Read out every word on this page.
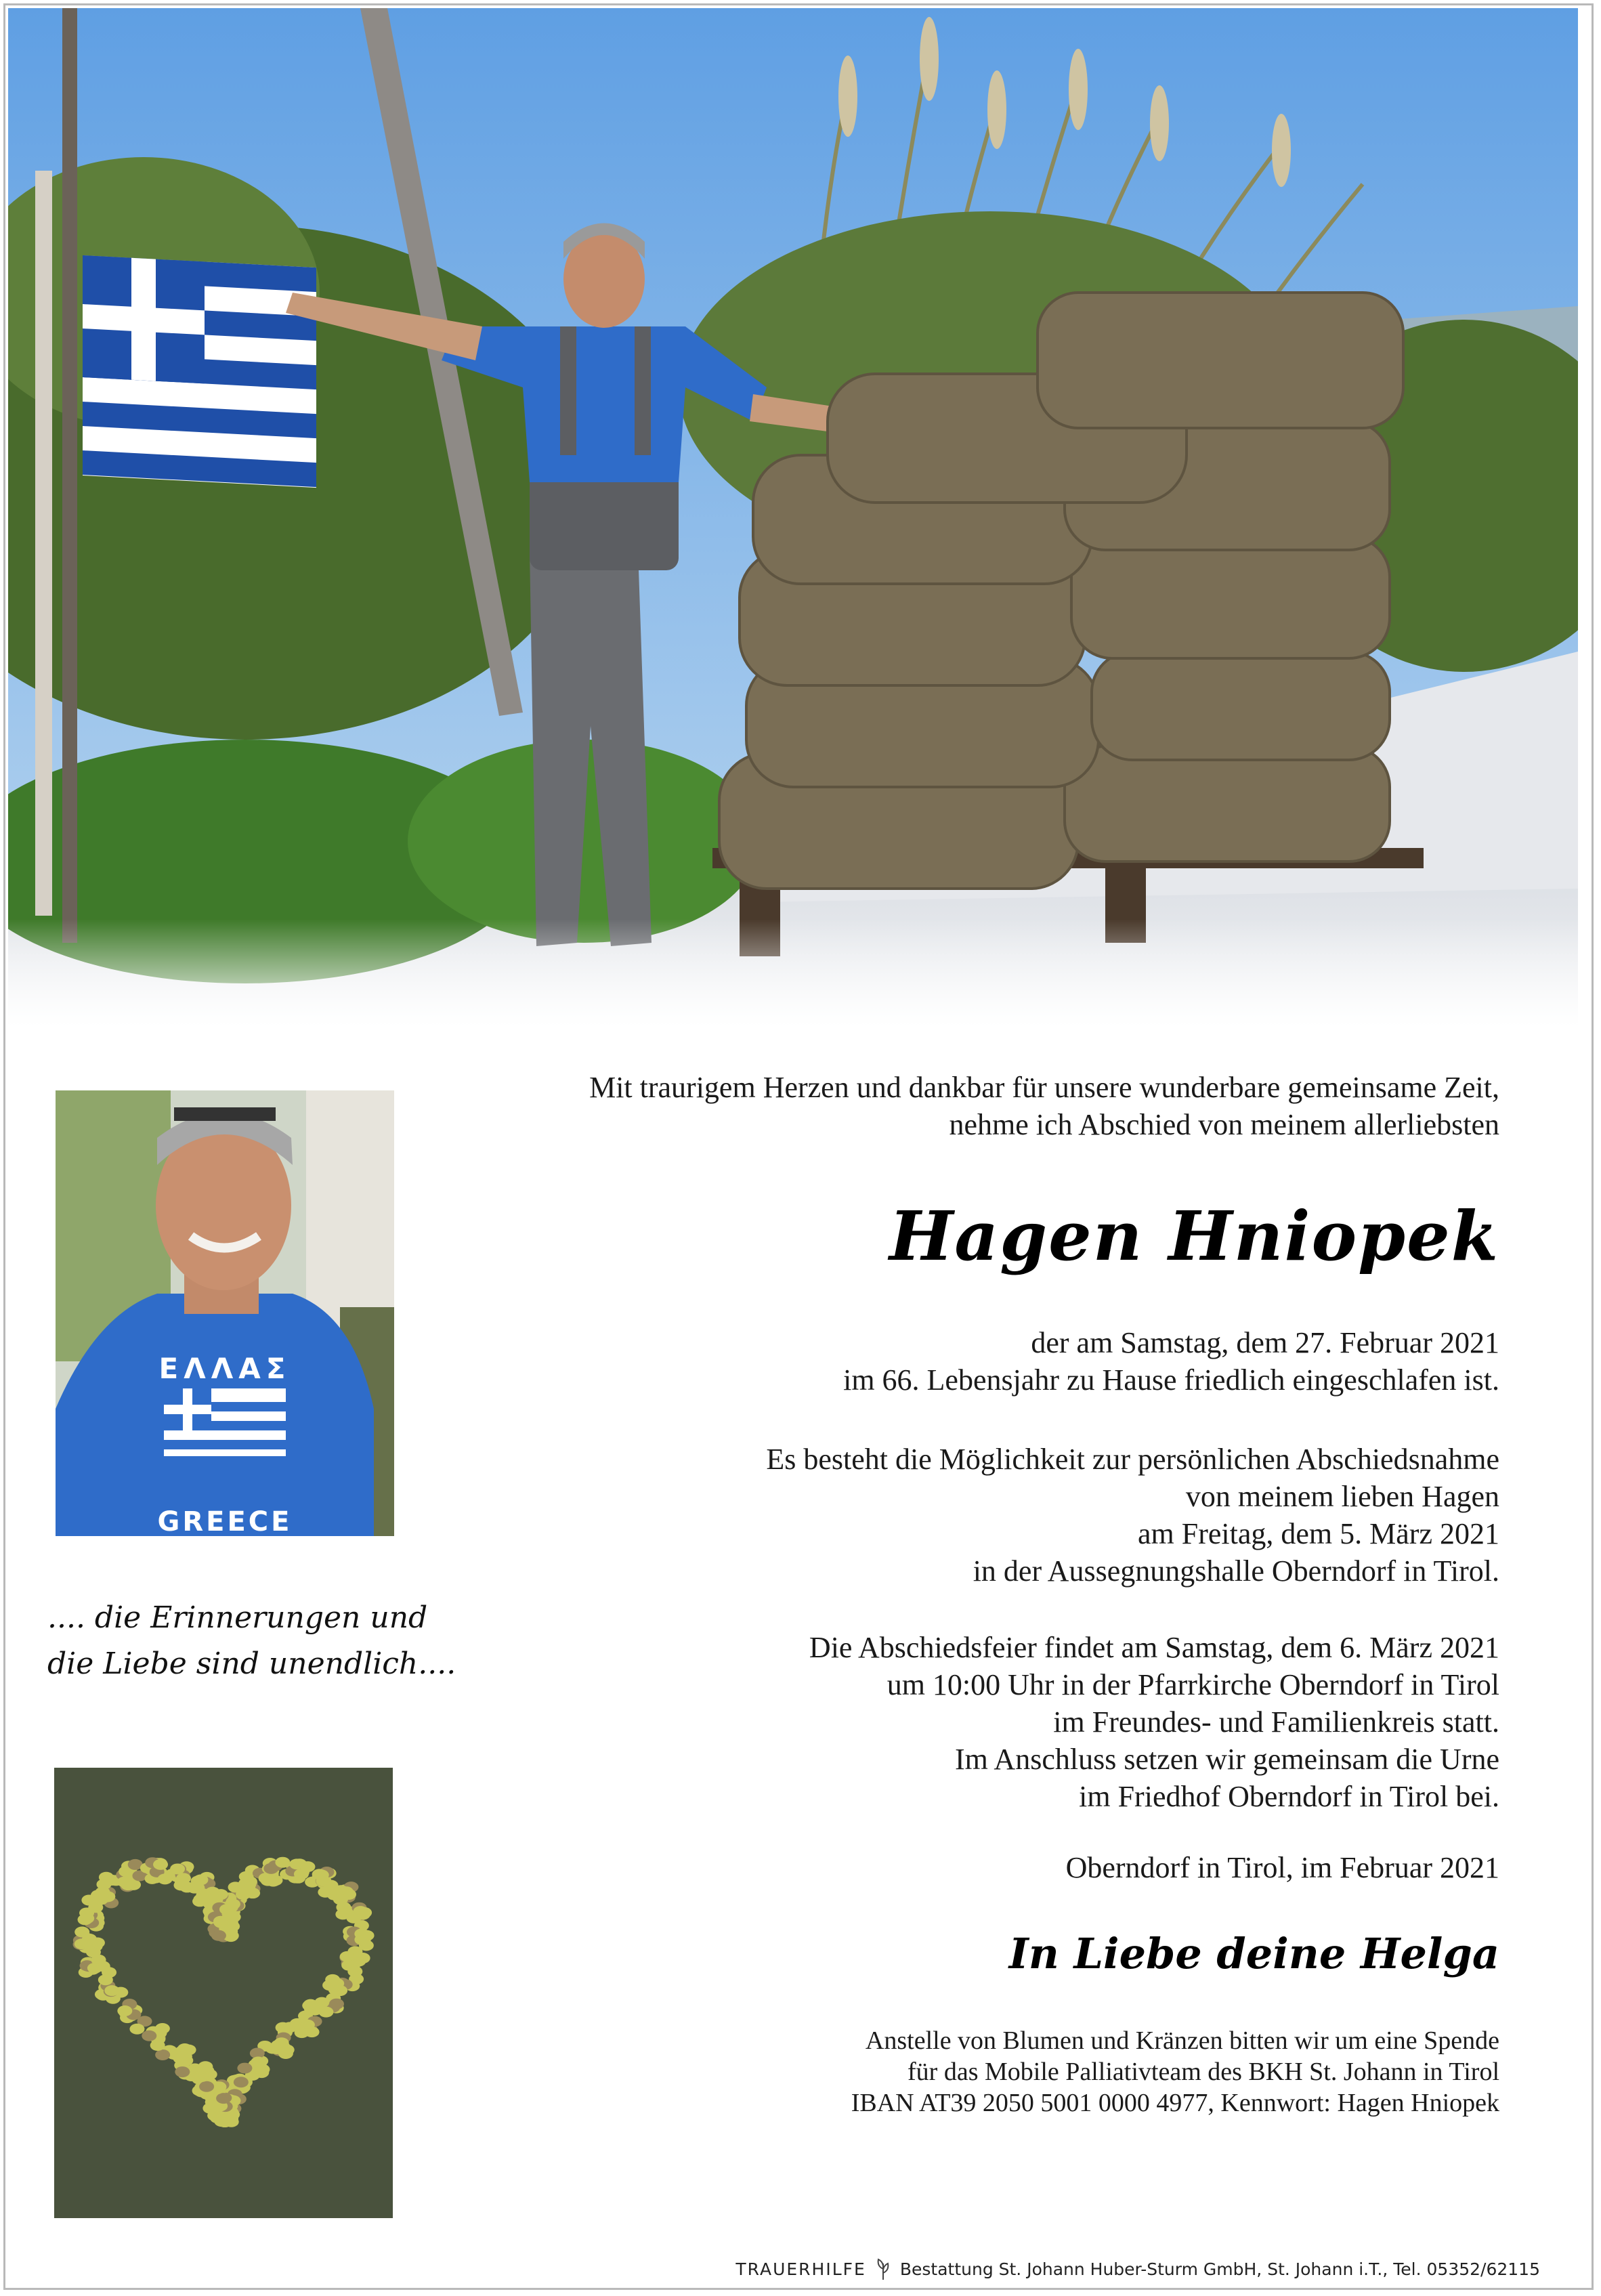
ΕΛΛΑΣ
GREECE
.... die Erinnerungen und
die Liebe sind unendlich....
Mit traurigem Herzen und dankbar für unsere wunderbare gemeinsame Zeit,
nehme ich Abschied von meinem allerliebsten
Hagen Hniopek
der am Samstag, dem 27. Februar 2021
im 66. Lebensjahr zu Hause friedlich eingeschlafen ist.
Es besteht die Möglichkeit zur persönlichen Abschiedsnahme
von meinem lieben Hagen
am Freitag, dem 5. März 2021
in der Aussegnungshalle Oberndorf in Tirol.
Die Abschiedsfeier findet am Samstag, dem 6. März 2021
um 10:00 Uhr in der Pfarrkirche Oberndorf in Tirol
im Freundes- und Familienkreis statt.
Im Anschluss setzen wir gemeinsam die Urne
im Friedhof Oberndorf in Tirol bei.
Oberndorf in Tirol, im Februar 2021
In Liebe deine Helga
Anstelle von Blumen und Kränzen bitten wir um eine Spende
für das Mobile Palliativteam des BKH St. Johann in Tirol
IBAN AT39 2050 5001 0000 4977, Kennwort: Hagen Hniopek
TRAUERHILFE Bestattung St. Johann Huber-Sturm GmbH, St. Johann i.T., Tel. 05352/62115
